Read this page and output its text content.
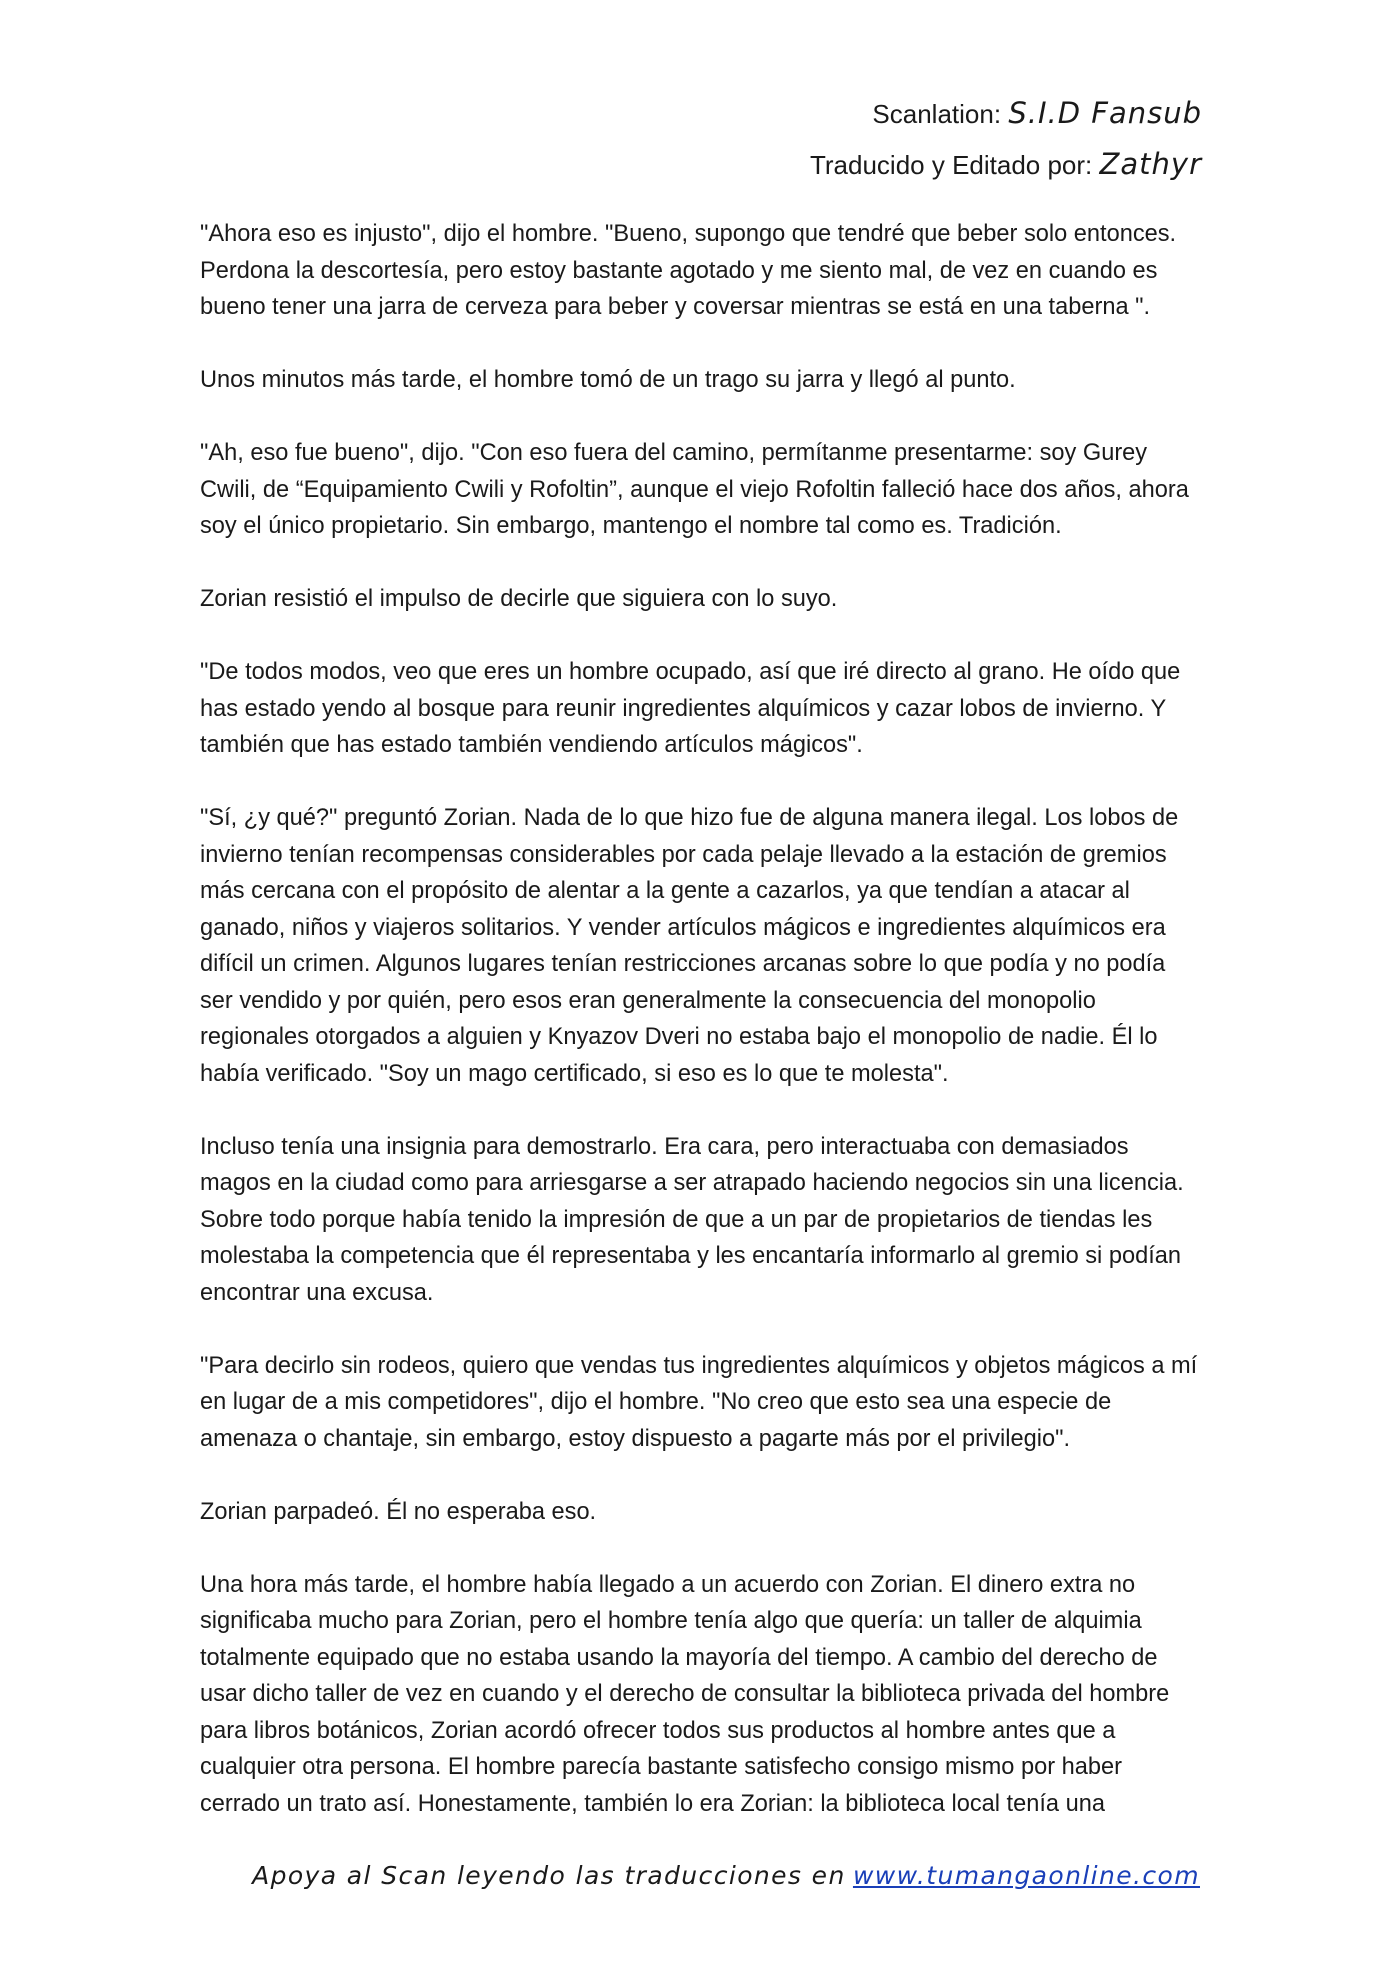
Scanlation: S.I.D Fansub
Traducido y Editado por: Zathyr

"Ahora eso es injusto", dijo el hombre. "Bueno, supongo que tendré que beber solo entonces. Perdona la descortesía, pero estoy bastante agotado y me siento mal, de vez en cuando es bueno tener una jarra de cerveza para beber y coversar mientras se está en una taberna ".

Unos minutos más tarde, el hombre tomó de un trago su jarra y llegó al punto.

"Ah, eso fue bueno", dijo. "Con eso fuera del camino, permítanme presentarme: soy Gurey Cwili, de “Equipamiento Cwili y Rofoltin”, aunque el viejo Rofoltin falleció hace dos años, ahora soy el único propietario. Sin embargo, mantengo el nombre tal como es. Tradición.

Zorian resistió el impulso de decirle que siguiera con lo suyo.

"De todos modos, veo que eres un hombre ocupado, así que iré directo al grano. He oído que has estado yendo al bosque para reunir ingredientes alquímicos y cazar lobos de invierno. Y también que has estado también vendiendo artículos mágicos".

"Sí, ¿y qué?" preguntó Zorian. Nada de lo que hizo fue de alguna manera ilegal. Los lobos de invierno tenían recompensas considerables por cada pelaje llevado a la estación de gremios más cercana con el propósito de alentar a la gente a cazarlos, ya que tendían a atacar al ganado, niños y viajeros solitarios. Y vender artículos mágicos e ingredientes alquímicos era difícil un crimen. Algunos lugares tenían restricciones arcanas sobre lo que podía y no podía ser vendido y por quién, pero esos eran generalmente la consecuencia del monopolio regionales otorgados a alguien y Knyazov Dveri no estaba bajo el monopolio de nadie. Él lo había verificado. "Soy un mago certificado, si eso es lo que te molesta".

Incluso tenía una insignia para demostrarlo. Era cara, pero interactuaba con demasiados magos en la ciudad como para arriesgarse a ser atrapado haciendo negocios sin una licencia. Sobre todo porque había tenido la impresión de que a un par de propietarios de tiendas les molestaba la competencia que él representaba y les encantaría informarlo al gremio si podían encontrar una excusa.

"Para decirlo sin rodeos, quiero que vendas tus ingredientes alquímicos y objetos mágicos a mí en lugar de a mis competidores", dijo el hombre. "No creo que esto sea una especie de amenaza o chantaje, sin embargo, estoy dispuesto a pagarte más por el privilegio".

Zorian parpadeó. Él no esperaba eso.

Una hora más tarde, el hombre había llegado a un acuerdo con Zorian. El dinero extra no significaba mucho para Zorian, pero el hombre tenía algo que quería: un taller de alquimia totalmente equipado que no estaba usando la mayoría del tiempo. A cambio del derecho de usar dicho taller de vez en cuando y el derecho de consultar la biblioteca privada del hombre para libros botánicos, Zorian acordó ofrecer todos sus productos al hombre antes que a cualquier otra persona. El hombre parecía bastante satisfecho consigo mismo por haber cerrado un trato así. Honestamente, también lo era Zorian: la biblioteca local tenía una

Apoya al Scan leyendo las traducciones en www.tumangaonline.com
